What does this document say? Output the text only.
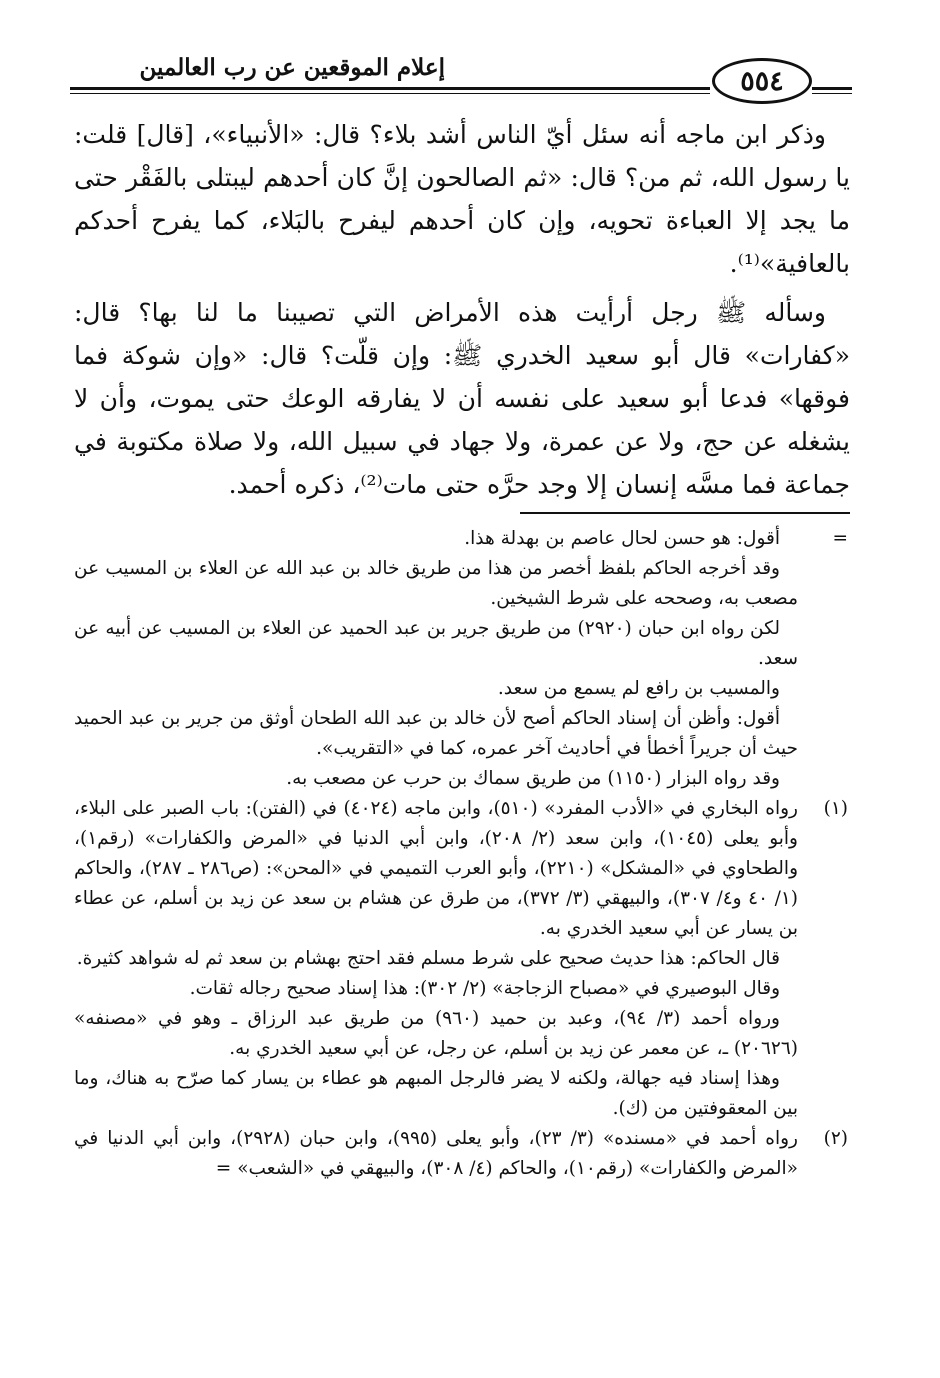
إعلام الموقعين عن رب العالمين	٥٥٤

وذكر ابن ماجه أنه سئل أيّ الناس أشد بلاء؟ قال: «الأنبياء»، [قال] قلت: يا رسول الله، ثم من؟ قال: «ثم الصالحون إنَّ كان أحدهم ليبتلى بالفَقْر حتى ما يجد إلا العباءة تحويه، وإن كان أحدهم ليفرح بالبَلاء، كما يفرح أحدكم بالعافية»⁽¹⁾.

وسأله ﷺ رجل أرأيت هذه الأمراض التي تصيبنا ما لنا بها؟ قال: «كفارات» قال أبو سعيد الخدري ﷺ: وإن قلّت؟ قال: «وإن شوكة فما فوقها» فدعا أبو سعيد على نفسه أن لا يفارقه الوعك حتى يموت، وأن لا يشغله عن حج، ولا عن عمرة، ولا جهاد في سبيل الله، ولا صلاة مكتوبة في جماعة فما مسَّه إنسان إلا وجد حرَّه حتى مات⁽²⁾، ذكره أحمد.

=

أقول: هو حسن لحال عاصم بن بهدلة هذا.

وقد أخرجه الحاكم بلفظ أخصر من هذا من طريق خالد بن عبد الله عن العلاء بن المسيب عن مصعب به، وصححه على شرط الشيخين.

لكن رواه ابن حبان (٢٩٢٠) من طريق جرير بن عبد الحميد عن العلاء بن المسيب عن أبيه عن سعد.

والمسيب بن رافع لم يسمع من سعد.

أقول: وأظن أن إسناد الحاكم أصح لأن خالد بن عبد الله الطحان أوثق من جرير بن عبد الحميد حيث أن جريراً أخطأ في أحاديث آخر عمره، كما في «التقريب».

وقد رواه البزار (١١٥٠) من طريق سماك بن حرب عن مصعب به.

(١)

رواه البخاري في «الأدب المفرد» (٥١٠)، وابن ماجه (٤٠٢٤) في (الفتن): باب الصبر على البلاء، وأبو يعلى (١٠٤٥)، وابن سعد (٢/ ٢٠٨)، وابن أبي الدنيا في «المرض والكفارات» (رقم١)، والطحاوي في «المشكل» (٢٢١٠)، وأبو العرب التميمي في «المحن»: (ص٢٨٦ ـ ٢٨٧)، والحاكم (١/ ٤٠ و٤/ ٣٠٧)، والبيهقي (٣/ ٣٧٢)، من طرق عن هشام بن سعد عن زيد بن أسلم، عن عطاء بن يسار عن أبي سعيد الخدري به.

قال الحاكم: هذا حديث صحيح على شرط مسلم فقد احتج بهشام بن سعد ثم له شواهد كثيرة.

وقال البوصيري في «مصباح الزجاجة» (٢/ ٣٠٢): هذا إسناد صحيح رجاله ثقات.

ورواه أحمد (٣/ ٩٤)، وعبد بن حميد (٩٦٠) من طريق عبد الرزاق ـ وهو في «مصنفه» (٢٠٦٢٦) ـ، عن معمر عن زيد بن أسلم، عن رجل، عن أبي سعيد الخدري به.

وهذا إسناد فيه جهالة، ولكنه لا يضر فالرجل المبهم هو عطاء بن يسار كما صرّح به هناك، وما بين المعقوفتين من (ك).

(٢)

رواه أحمد في «مسنده» (٣/ ٢٣)، وأبو يعلى (٩٩٥)، وابن حبان (٢٩٢٨)، وابن أبي الدنيا في «المرض والكفارات» (رقم١٠)، والحاكم (٤/ ٣٠٨)، والبيهقي في «الشعب» =
